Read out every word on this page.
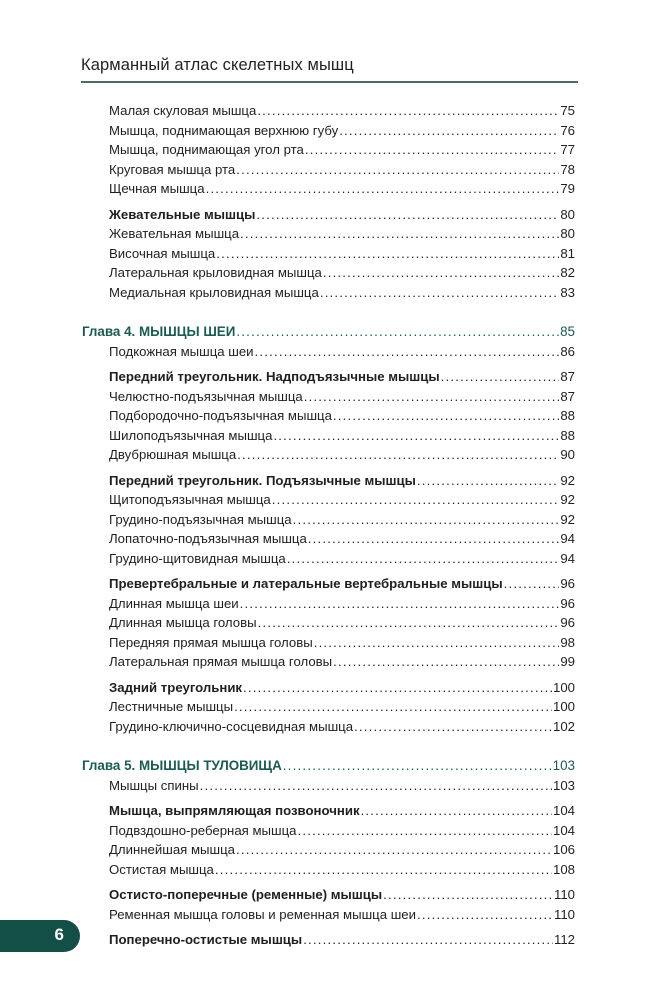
Карманный атлас скелетных мышц
Малая скуловая мышца .....	75
Мышца, поднимающая верхнюю губу .....	76
Мышца, поднимающая угол рта .....	77
Круговая мышца рта .....	78
Щечная мышца .....	79
Жевательные мышцы .....	80
Жевательная мышца .....	80
Височная мышца .....	81
Латеральная крыловидная мышца .....	82
Медиальная крыловидная мышца .....	83
Глава 4. МЫШЦЫ ШЕИ .....	85
Подкожная мышца шеи .....	86
Передний треугольник. Надподъязычные мышцы .....	87
Челюстно-подъязычная мышца .....	87
Подбородочно-подъязычная мышца .....	88
Шилоподъязычная мышца .....	88
Двубрюшная мышца .....	90
Передний треугольник. Подъязычные мышцы .....	92
Щитоподъязычная мышца .....	92
Грудино-подъязычная мышца .....	92
Лопаточно-подъязычная мышца .....	94
Грудино-щитовидная мышца .....	94
Превертебральные и латеральные вертебральные мышцы .....	96
Длинная мышца шеи .....	96
Длинная мышца головы .....	96
Передняя прямая мышца головы .....	98
Латеральная прямая мышца головы .....	99
Задний треугольник .....	100
Лестничные мышцы .....	100
Грудино-ключично-сосцевидная мышца .....	102
Глава 5. МЫШЦЫ ТУЛОВИЩА .....	103
Мышцы спины .....	103
Мышца, выпрямляющая позвоночник .....	104
Подвздошно-реберная мышца .....	104
Длиннейшая мышца .....	106
Остистая мышца .....	108
Остисто-поперечные (ременные) мышцы .....	110
Ременная мышца головы и ременная мышца шеи .....	110
Поперечно-остистые мышцы .....	112
6
